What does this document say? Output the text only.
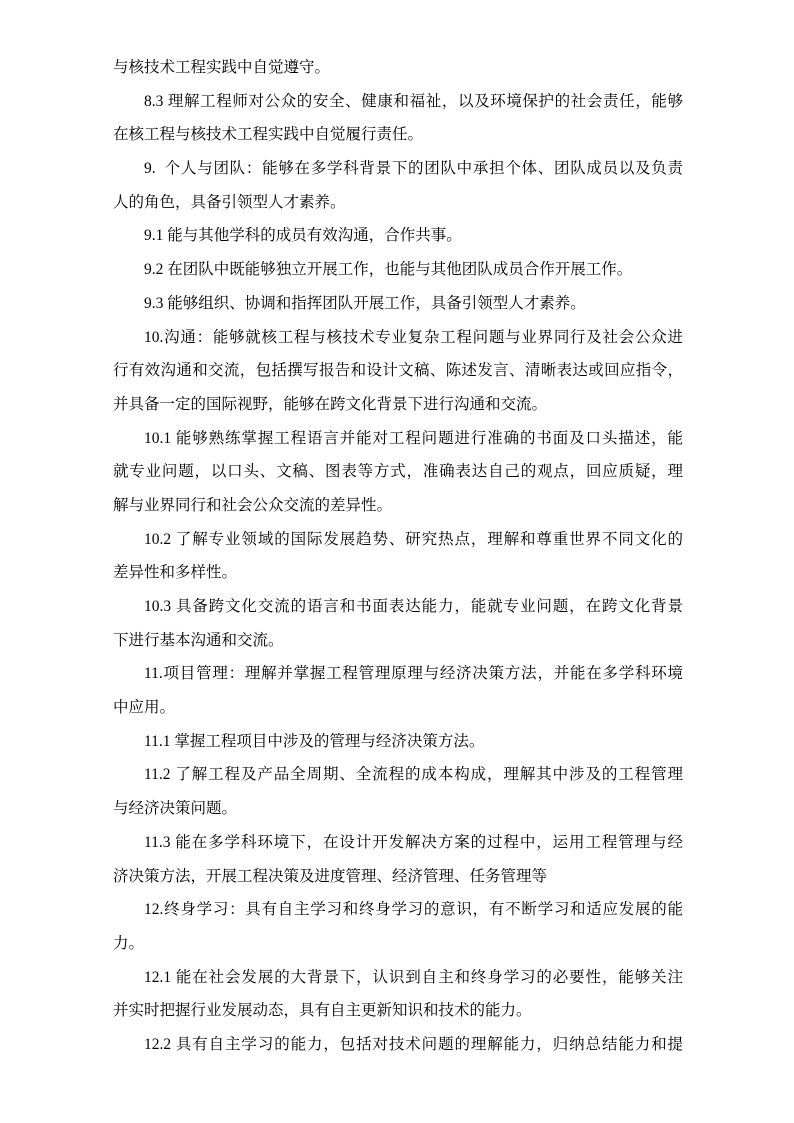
与核技术工程实践中自觉遵守。
8.3 理解工程师对公众的安全、健康和福祉，以及环境保护的社会责任，能够
在核工程与核技术工程实践中自觉履行责任。
9.  个人与团队：能够在多学科背景下的团队中承担个体、团队成员以及负责
人的角色，具备引领型人才素养。
9.1 能与其他学科的成员有效沟通，合作共事。
9.2 在团队中既能够独立开展工作，也能与其他团队成员合作开展工作。
9.3 能够组织、协调和指挥团队开展工作，具备引领型人才素养。
10.沟通：能够就核工程与核技术专业复杂工程问题与业界同行及社会公众进
行有效沟通和交流，包括撰写报告和设计文稿、陈述发言、清晰表达或回应指令，
并具备一定的国际视野，能够在跨文化背景下进行沟通和交流。
10.1 能够熟练掌握工程语言并能对工程问题进行准确的书面及口头描述，能
就专业问题，以口头、文稿、图表等方式，准确表达自己的观点，回应质疑，理
解与业界同行和社会公众交流的差异性。
10.2 了解专业领域的国际发展趋势、研究热点，理解和尊重世界不同文化的
差异性和多样性。
10.3 具备跨文化交流的语言和书面表达能力，能就专业问题，在跨文化背景
下进行基本沟通和交流。
11.项目管理：理解并掌握工程管理原理与经济决策方法，并能在多学科环境
中应用。
11.1 掌握工程项目中涉及的管理与经济决策方法。
11.2 了解工程及产品全周期、全流程的成本构成，理解其中涉及的工程管理
与经济决策问题。
11.3 能在多学科环境下，在设计开发解决方案的过程中，运用工程管理与经
济决策方法，开展工程决策及进度管理、经济管理、任务管理等
12.终身学习：具有自主学习和终身学习的意识，有不断学习和适应发展的能
力。
12.1 能在社会发展的大背景下，认识到自主和终身学习的必要性，能够关注
并实时把握行业发展动态，具有自主更新知识和技术的能力。
12.2 具有自主学习的能力，包括对技术问题的理解能力，归纳总结能力和提
